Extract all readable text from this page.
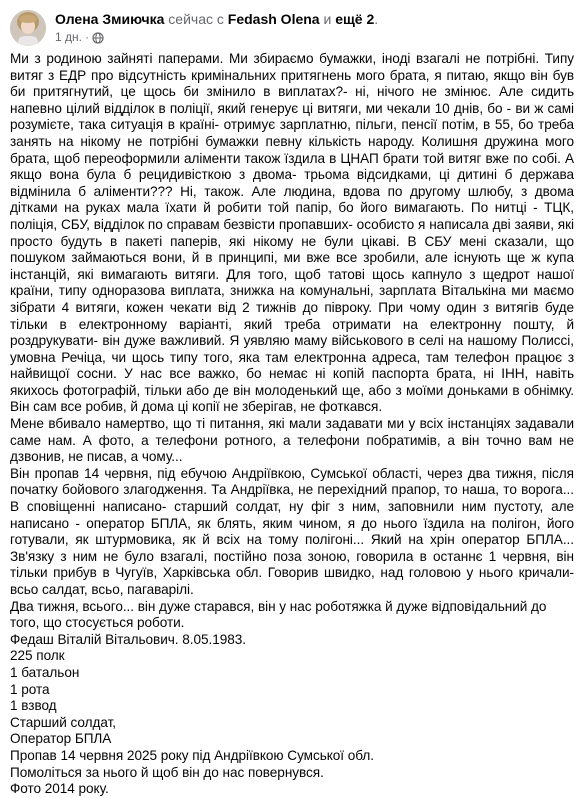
Олена Змиючка сейчас с Fedash Olena и ещё 2.
1 дн. ·

Ми з родиною зайняті паперами. Ми збираємо бумажки, іноді взагалі не потрібні. Типу витяг з ЕДР про відсутність кримінальних притягнень мого брата, я питаю, якщо він був би притягнутий, це щось би змінило в виплатах?- ні, нічого не змінює. Але сидить напевно цілий відділок в поліції, який генерує ці витяги, ми чекали 10 днів, бо - ви ж самі розумієте, така ситуація в країні- отримує зарплатню, пільги, пенсії потім, в 55, бо треба занять на нікому не потрібні бумажки певну кількість народу. Колишня дружина мого брата, щоб переоформили аліменти також їздила в ЦНАП брати той витяг вже по собі. А якщо вона була б рецидивісткою з двома- трьома відсидками, ці дитині б держава відмінила б аліменти??? Ні, також. Але людина, вдова по другому шлюбу, з двома дітками на руках мала їхати й робити той папір, бо його вимагають. По нитці - ТЦК, поліція, СБУ, відділок по справам безвісти пропавших- особисто я написала дві заяви, які просто будуть в пакеті паперів, які нікому не були цікаві. В СБУ мені сказали, що пошуком займаються вони, й в принципі, ми вже все зробили, але існують ще ж купа інстанцій, які вимагають витяги. Для того, щоб татові щось капнуло з щедрот нашої країни, типу одноразова виплата, знижка на комунальні, зарплата Віталькіна ми маємо зібрати 4 витяги, кожен чекати від 2 тижнів до півроку. При чому один з витягів буде тільки в електронному варіанті, який треба отримати на електронну пошту, й роздрукувати- він дуже важливий. Я уявляю маму військового в селі на нашому Полиссі, умовна Речіца, чи щось типу того, яка там електронна адреса, там телефон працює з найвищої сосни. У нас все важко, бо немає ні копій паспорта брата, ні ІНН, навіть якихось фотографій, тільки або де він молоденький ще, або з моїми доньками в обнімку. Він сам все робив, й дома ці копії не зберігав, не фоткався.

Мене вбивало намертво, що ті питання, які мали задавати ми у всіх інстанціях задавали саме нам. А фото, а телефони ротного, а телефони побратимів, а він точно вам не дзвонив, не писав, а чому...

Він пропав 14 червня, під ебучою Андріївкою, Сумської області, через два тижня, після початку бойового злагодження. Та Андріївка, не перехідний прапор, то наша, то ворога... В сповіщенні написано- старший солдат, ну фіг з ним, заповнили ним пустоту, але написано - оператор БПЛА, як блять, яким чином, я до нього їздила на полігон, його готували, як штурмовика, як й всіх на тому полігоні... Який на хрін оператор БПЛА... Зв'язку з ним не було взагалі, постійно поза зоною, говорила в останнє 1 червня, він тільки прибув в Чугуїв, Харківська обл. Говорив швидко, над головою у нього кричали- всьо салдат, всьо, пагаварілі.

Два тижня, всього... він дуже старався, він у нас роботяжка й дуже відповідальний до того, що стосується роботи.

Федаш Віталій Вітальович. 8.05.1983.

225 полк

1 батальон

1 рота

1 взвод

Старший солдат,

Оператор БПЛА

Пропав 14 червня 2025 року під Андріївкою Сумської обл.

Помоліться за нього й щоб він до нас повернувся.

Фото 2014 року.
